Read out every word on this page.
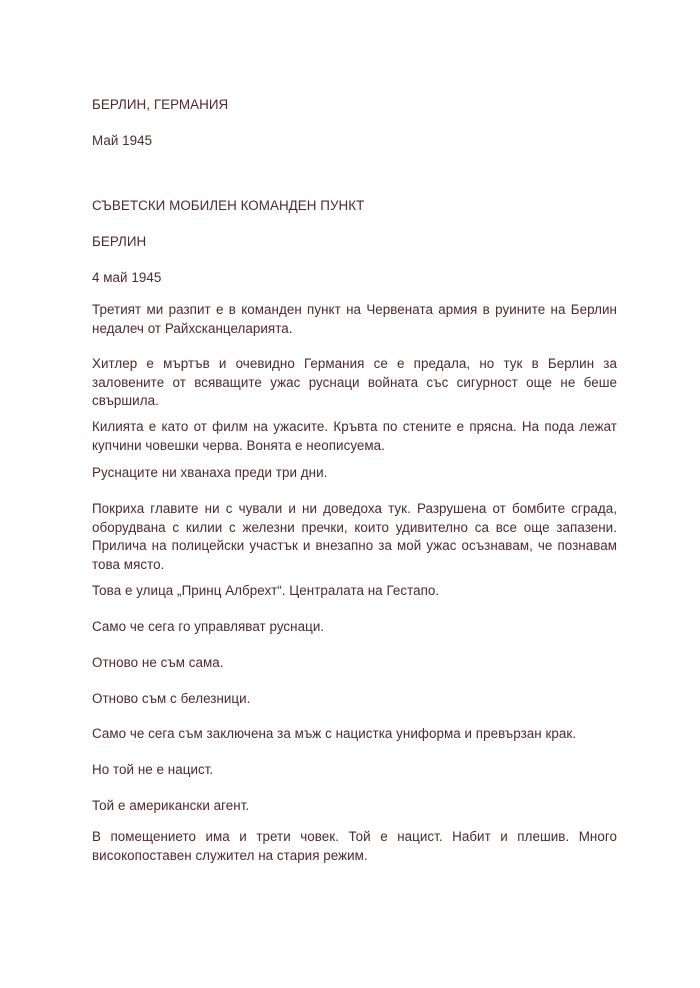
БЕРЛИН, ГЕРМАНИЯ

Май 1945

СЪВЕТСКИ МОБИЛЕН КОМАНДЕН ПУНКТ

БЕРЛИН

4 май 1945

Третият ми разпит е в команден пункт на Червената армия в руините на Берлин недалеч от Райхсканцеларията.

Хитлер е мъртъв и очевидно Германия се е предала, но тук в Берлин за заловените от всяващите ужас руснаци войната със сигурност още не беше свършила.

Килията е като от филм на ужасите. Кръвта по стените е прясна. На пода лежат купчини човешки черва. Вонята е неописуема.

Руснаците ни хванаха преди три дни.

Покриха главите ни с чували и ни доведоха тук. Разрушена от бомбите сграда, оборудвана с килии с железни пречки, които удивително са все още запазени. Прилича на полицейски участък и внезапно за мой ужас осъзнавам, че познавам това място.

Това е улица „Принц Албрехт“. Централата на Гестапо.

Само че сега го управляват руснаци.

Отново не съм сама.

Отново съм с белезници.

Само че сега съм заключена за мъж с нацистка униформа и превързан крак.

Но той не е нацист.

Той е американски агент.

В помещението има и трети човек. Той е нацист. Набит и плешив. Много високопоставен служител на стария режим.
